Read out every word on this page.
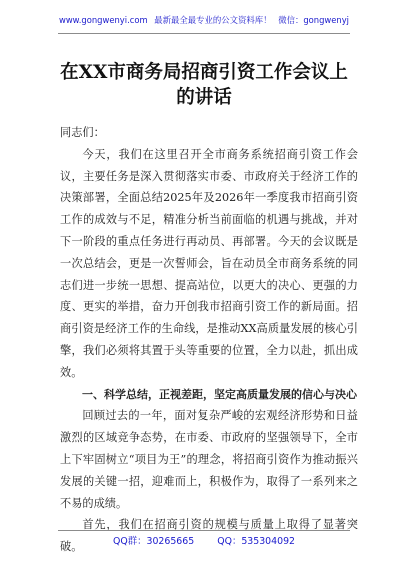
www.gongwenyi.com 最新最全最专业的公文资料库！ 微信：gongwenyj
在XX市商务局招商引资工作会议上的讲话

同志们：

今天，我们在这里召开全市商务系统招商引资工作会议，主要任务是深入贯彻落实市委、市政府关于经济工作的决策部署，全面总结2025年及2026年一季度我市招商引资工作的成效与不足，精准分析当前面临的机遇与挑战，并对下一阶段的重点任务进行再动员、再部署。今天的会议既是一次总结会，更是一次誓师会，旨在动员全市商务系统的同志们进一步统一思想、提高站位，以更大的决心、更强的力度、更实的举措，奋力开创我市招商引资工作的新局面。招商引资是经济工作的生命线，是推动XX高质量发展的核心引擎，我们必须将其置于头等重要的位置，全力以赴，抓出成效。

一、科学总结，正视差距，坚定高质量发展的信心与决心

回顾过去的一年，面对复杂严峻的宏观经济形势和日益激烈的区域竞争态势，在市委、市政府的坚强领导下，全市上下牢固树立“项目为王”的理念，将招商引资作为推动振兴发展的关键一招，迎难而上，积极作为，取得了一系列来之不易的成绩。

首先，我们在招商引资的规模与质量上取得了显著突破。	QQ群：30265665 QQ：535304092
